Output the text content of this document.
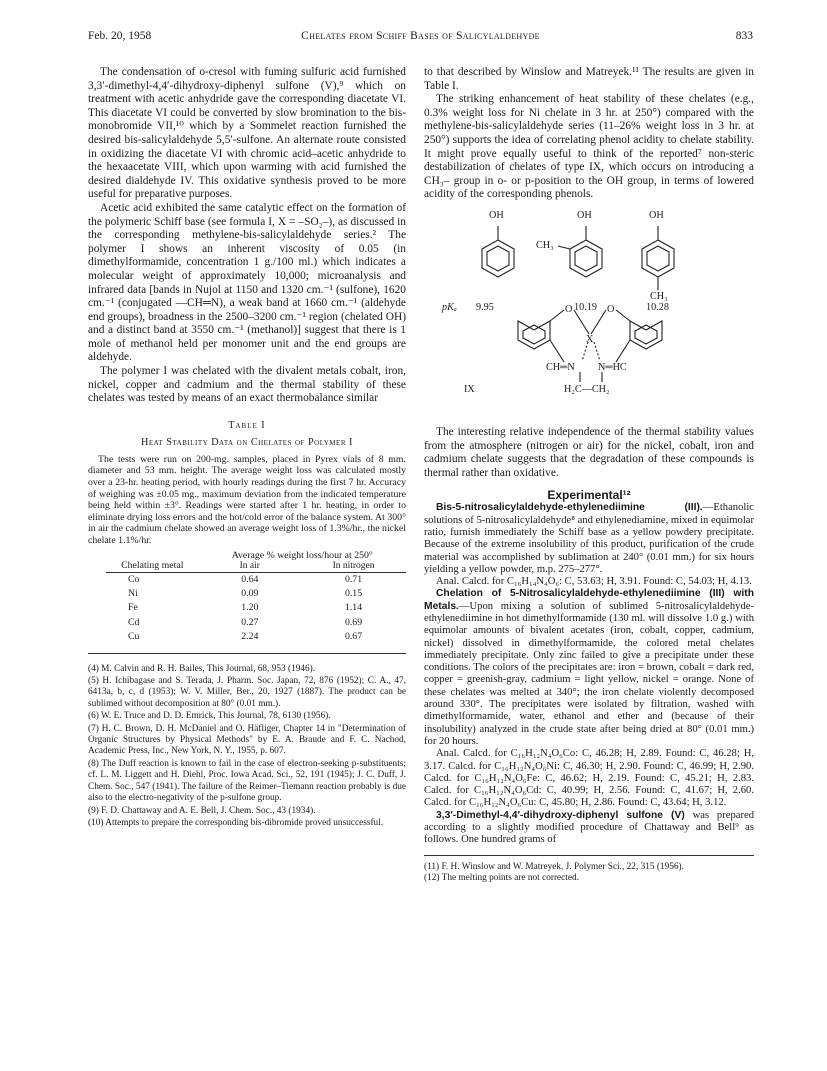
Feb. 20, 1958	Chelates from Schiff Bases of Salicylaldehyde	833

The condensation of o-cresol with fuming sulfuric acid furnished 3,3′-dimethyl-4,4′-dihydroxy-diphenyl sulfone (V),⁹ which on treatment with acetic anhydride gave the corresponding diacetate VI. This diacetate VI could be converted by slow bromination to the bis-monobromide VII,¹⁰ which by a Sommelet reaction furnished the desired bis-salicylaldehyde 5,5′-sulfone. An alternate route consisted in oxidizing the diacetate VI with chromic acid–acetic anhydride to the hexaacetate VIII, which upon warming with acid furnished the desired dialdehyde IV. This oxidative synthesis proved to be more useful for preparative purposes.

Acetic acid exhibited the same catalytic effect on the formation of the polymeric Schiff base (see formula I, X = –SO₂–), as discussed in the corresponding methylene-bis-salicylaldehyde series.² The polymer I shows an inherent viscosity of 0.05 (in dimethylformamide, concentration 1 g./100 ml.) which indicates a molecular weight of approximately 10,000; microanalysis and infrared data [bands in Nujol at 1150 and 1320 cm.⁻¹ (sulfone), 1620 cm.⁻¹ (conjugated —CH═N), a weak band at 1660 cm.⁻¹ (aldehyde end groups), broadness in the 2500–3200 cm.⁻¹ region (chelated OH) and a distinct band at 3550 cm.⁻¹ (methanol)] suggest that there is 1 mole of methanol held per monomer unit and the end groups are aldehyde.

The polymer I was chelated with the divalent metals cobalt, iron, nickel, copper and cadmium and the thermal stability of these chelates was tested by means of an exact thermobalance similar

Table I
Heat Stability Data on Chelates of Polymer I

The tests were run on 200-mg. samples, placed in Pyrex vials of 8 mm. diameter and 53 mm. height. The average weight loss was calculated mostly over a 23-hr. heating period, with hourly readings during the first 7 hr. Accuracy of weighing was ±0.05 mg., maximum deviation from the indicated temperature being held within ±3°. Readings were started after 1 hr. heating, in order to eliminate drying loss errors and the hot/cold error of the balance system. At 300° in air the cadmium chelate showed an average weight loss of 1.3%/hr., the nickel chelate 1.1%/hr.

Chelating metal	Average % weight loss/hour at 250°	
	In air	In nitrogen

Co	0.64	0.71
Ni	0.09	0.15
Fe	1.20	1.14
Cd	0.27	0.69
Cu	2.24	0.67

(4) M. Calvin and R. H. Bailes, This Journal, 68, 953 (1946).

(5) H. Ichibagase and S. Terada, J. Pharm. Soc. Japan, 72, 876 (1952); C. A., 47, 6413a, b, c, d (1953); W. V. Miller, Ber., 20, 1927 (1887). The product can be sublimed without decomposition at 80° (0.01 mm.).

(6) W. E. Truce and D. D. Emrick, This Journal, 78, 6130 (1956).

(7) H. C. Brown, D. H. McDaniel and O. Häfliger, Chapter 14 in "Determination of Organic Structures by Physical Methods" by E. A. Braude and F. C. Nachod, Academic Press, Inc., New York, N. Y., 1955, p. 607.

(8) The Duff reaction is known to fail in the case of electron-seeking p-substituents; cf. L. M. Liggett and H. Diehl, Proc. Iowa Acad. Sci., 52, 191 (1945); J. C. Duff, J. Chem. Soc., 547 (1941). The failure of the Reimer–Tiemann reaction probably is due also to the electro-negativity of the p-sulfone group.

(9) F. D. Chattaway and A. E. Bell, J. Chem. Soc., 43 (1934).

(10) Attempts to prepare the corresponding bis-dibromide proved unsuccessful.

to that described by Winslow and Matreyek.¹¹ The results are given in Table I.

The striking enhancement of heat stability of these chelates (e.g., 0.3% weight loss for Ni chelate in 3 hr. at 250°) compared with the methylene-bis-salicylaldehyde series (11–26% weight loss in 3 hr. at 250°) supports the idea of correlating phenol acidity to chelate stability. It might prove equally useful to think of the reported⁷ non-steric destabilization of chelates of type IX, which occurs on introducing a CH₃– group in o- or p-position to the OH group, in terms of lowered acidity of the corresponding phenols.

OH	OH	OH
CH₃
CH₃
pKₐ 9.95	10.19	10.28
O	O
X
CH═N N═HC
IX	H₂C—CH₂

The interesting relative independence of the thermal stability values from the atmosphere (nitrogen or air) for the nickel, cobalt, iron and cadmium chelate suggests that the degradation of these compounds is thermal rather than oxidative.

Experimental¹²

Bis-5-nitrosalicylaldehyde-ethylenediimine (III).—Ethanolic solutions of 5-nitrosalicylaldehyde⁸ and ethylenediamine, mixed in equimolar ratio, furnish immediately the Schiff base as a yellow powdery precipitate. Because of the extreme insolubility of this product, purification of the crude material was accomplished by sublimation at 240° (0.01 mm.) for six hours yielding a yellow powder, m.p. 275–277°.

Anal. Calcd. for C₁₆H₁₄N₄O₆: C, 53.63; H, 3.91. Found: C, 54.03; H, 4.13.

Chelation of 5-Nitrosalicylaldehyde-ethylenediimine (III) with Metals.—Upon mixing a solution of sublimed 5-nitrosalicylaldehyde-ethylenediimine in hot dimethylformamide (130 ml. will dissolve 1.0 g.) with equimolar amounts of bivalent acetates (iron, cobalt, copper, cadmium, nickel) dissolved in dimethylformamide, the colored metal chelates immediately precipitate. Only zinc failed to give a precipitate under these conditions. The colors of the precipitates are: iron = brown, cobalt = dark red, copper = greenish-gray, cadmium = light yellow, nickel = orange. None of these chelates was melted at 340°; the iron chelate violently decomposed around 330°. The precipitates were isolated by filtration, washed with dimethylformamide, water, ethanol and ether and (because of their insolubility) analyzed in the crude state after being dried at 80° (0.01 mm.) for 20 hours.

Anal. Calcd. for C₁₆H₁₂N₄O₆Co: C, 46.28; H, 2.89. Found: C, 46.28; H, 3.17. Calcd. for C₁₆H₁₂N₄O₆Ni: C, 46.30; H, 2.90. Found: C, 46.99; H, 2.90. Calcd. for C₁₆H₁₂N₄O₆Fe: C, 46.62; H, 2.19. Found: C, 45.21; H, 2.83. Calcd. for C₁₆H₁₂N₄O₆Cd: C, 40.99; H, 2.56. Found: C, 41.67; H, 2.60. Calcd. for C₁₆H₁₂N₄O₆Cu: C, 45.80; H, 2.86. Found: C, 43.64; H, 3.12.

3,3′-Dimethyl-4,4′-dihydroxy-diphenyl sulfone (V) was prepared according to a slightly modified procedure of Chattaway and Bell⁹ as follows. One hundred grams of

(11) F. H. Winslow and W. Matreyek, J. Polymer Sci., 22, 315 (1956).

(12) The melting points are not corrected.
